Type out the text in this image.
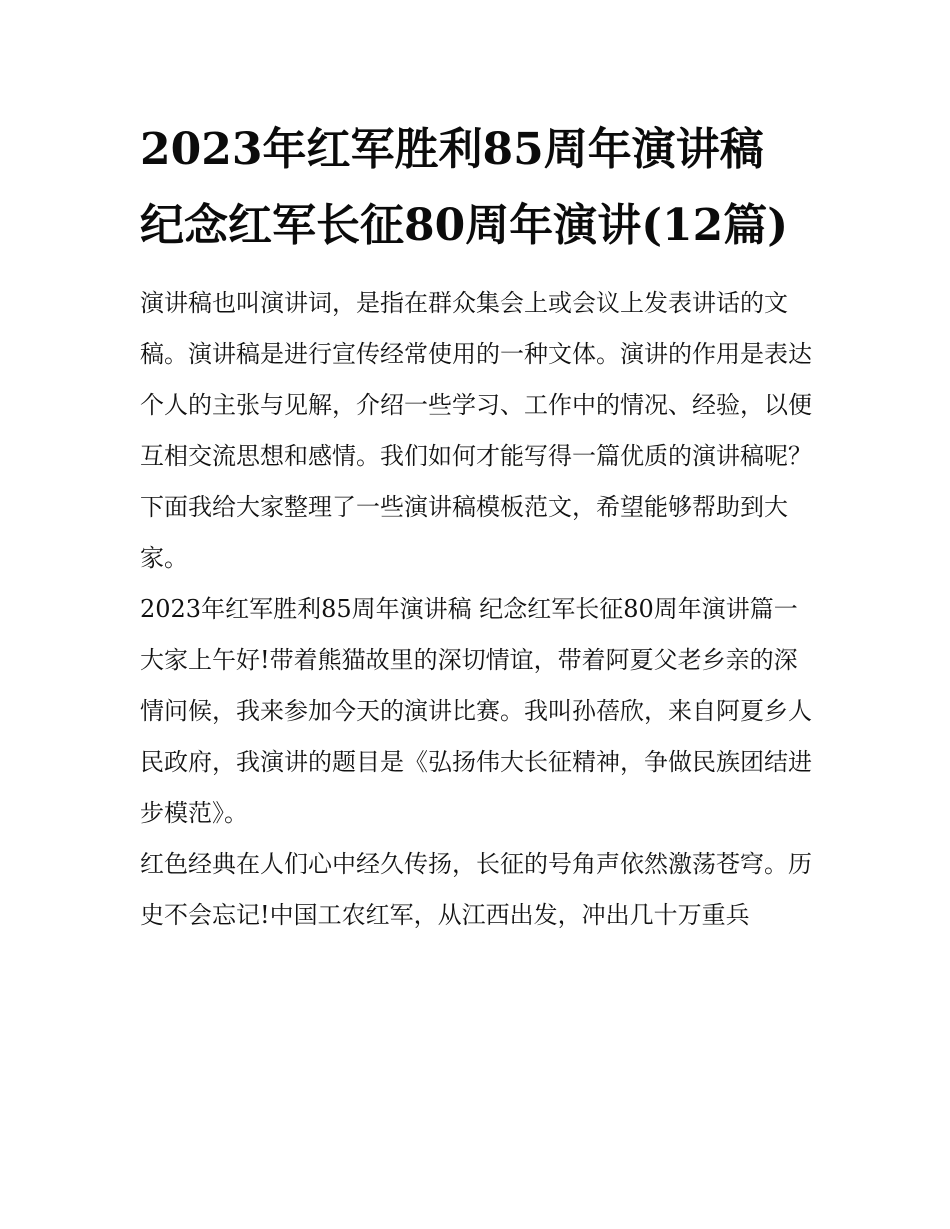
2023年红军胜利85周年演讲稿 纪念红军长征80周年演讲(12篇)

演讲稿也叫演讲词，是指在群众集会上或会议上发表讲话的文稿。演讲稿是进行宣传经常使用的一种文体。演讲的作用是表达个人的主张与见解，介绍一些学习、工作中的情况、经验，以便互相交流思想和感情。我们如何才能写得一篇优质的演讲稿呢？下面我给大家整理了一些演讲稿模板范文，希望能够帮助到大家。

2023年红军胜利85周年演讲稿 纪念红军长征80周年演讲篇一

大家上午好!带着熊猫故里的深切情谊，带着阿夏父老乡亲的深情问候，我来参加今天的演讲比赛。我叫孙蓓欣，来自阿夏乡人民政府，我演讲的题目是《弘扬伟大长征精神，争做民族团结进步模范》。

红色经典在人们心中经久传扬，长征的号角声依然激荡苍穹。历史不会忘记!中国工农红军，从江西出发，冲出几十万重兵
